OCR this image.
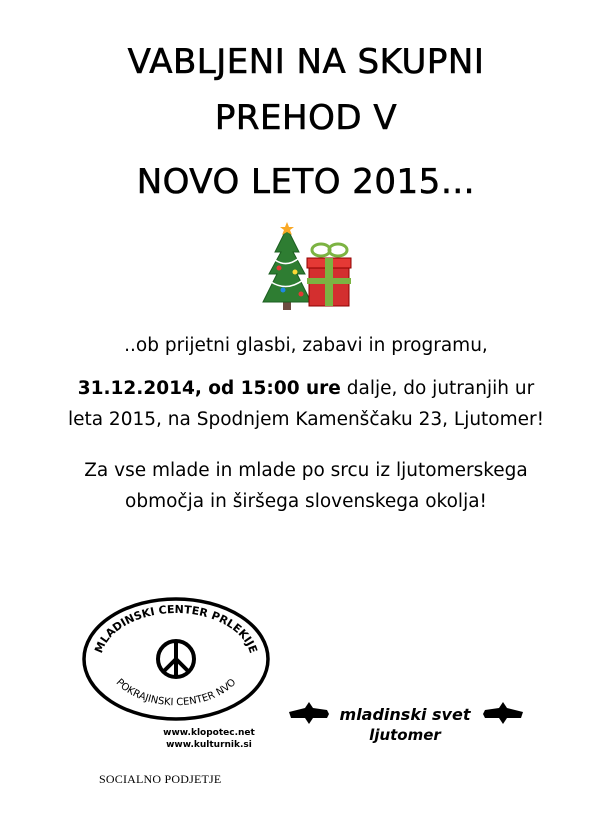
VABLJENI NA SKUPNI
PREHOD V
NOVO LETO 2015…
..ob prijetni glasbi, zabavi in programu,
31.12.2014, od 15:00 ure dalje, do jutranjih ur
leta 2015, na Spodnjem Kamenščaku 23, Ljutomer!
Za vse mlade in mlade po srcu iz ljutomerskega
območja in širšega slovenskega okolja!
MLADINSKI CENTER PRLEKIJE
POKRAJINSKI CENTER NVO
www.klopotec.net
www.kulturnik.si
mladinski svet
ljutomer
SOCIALNO PODJETJE
